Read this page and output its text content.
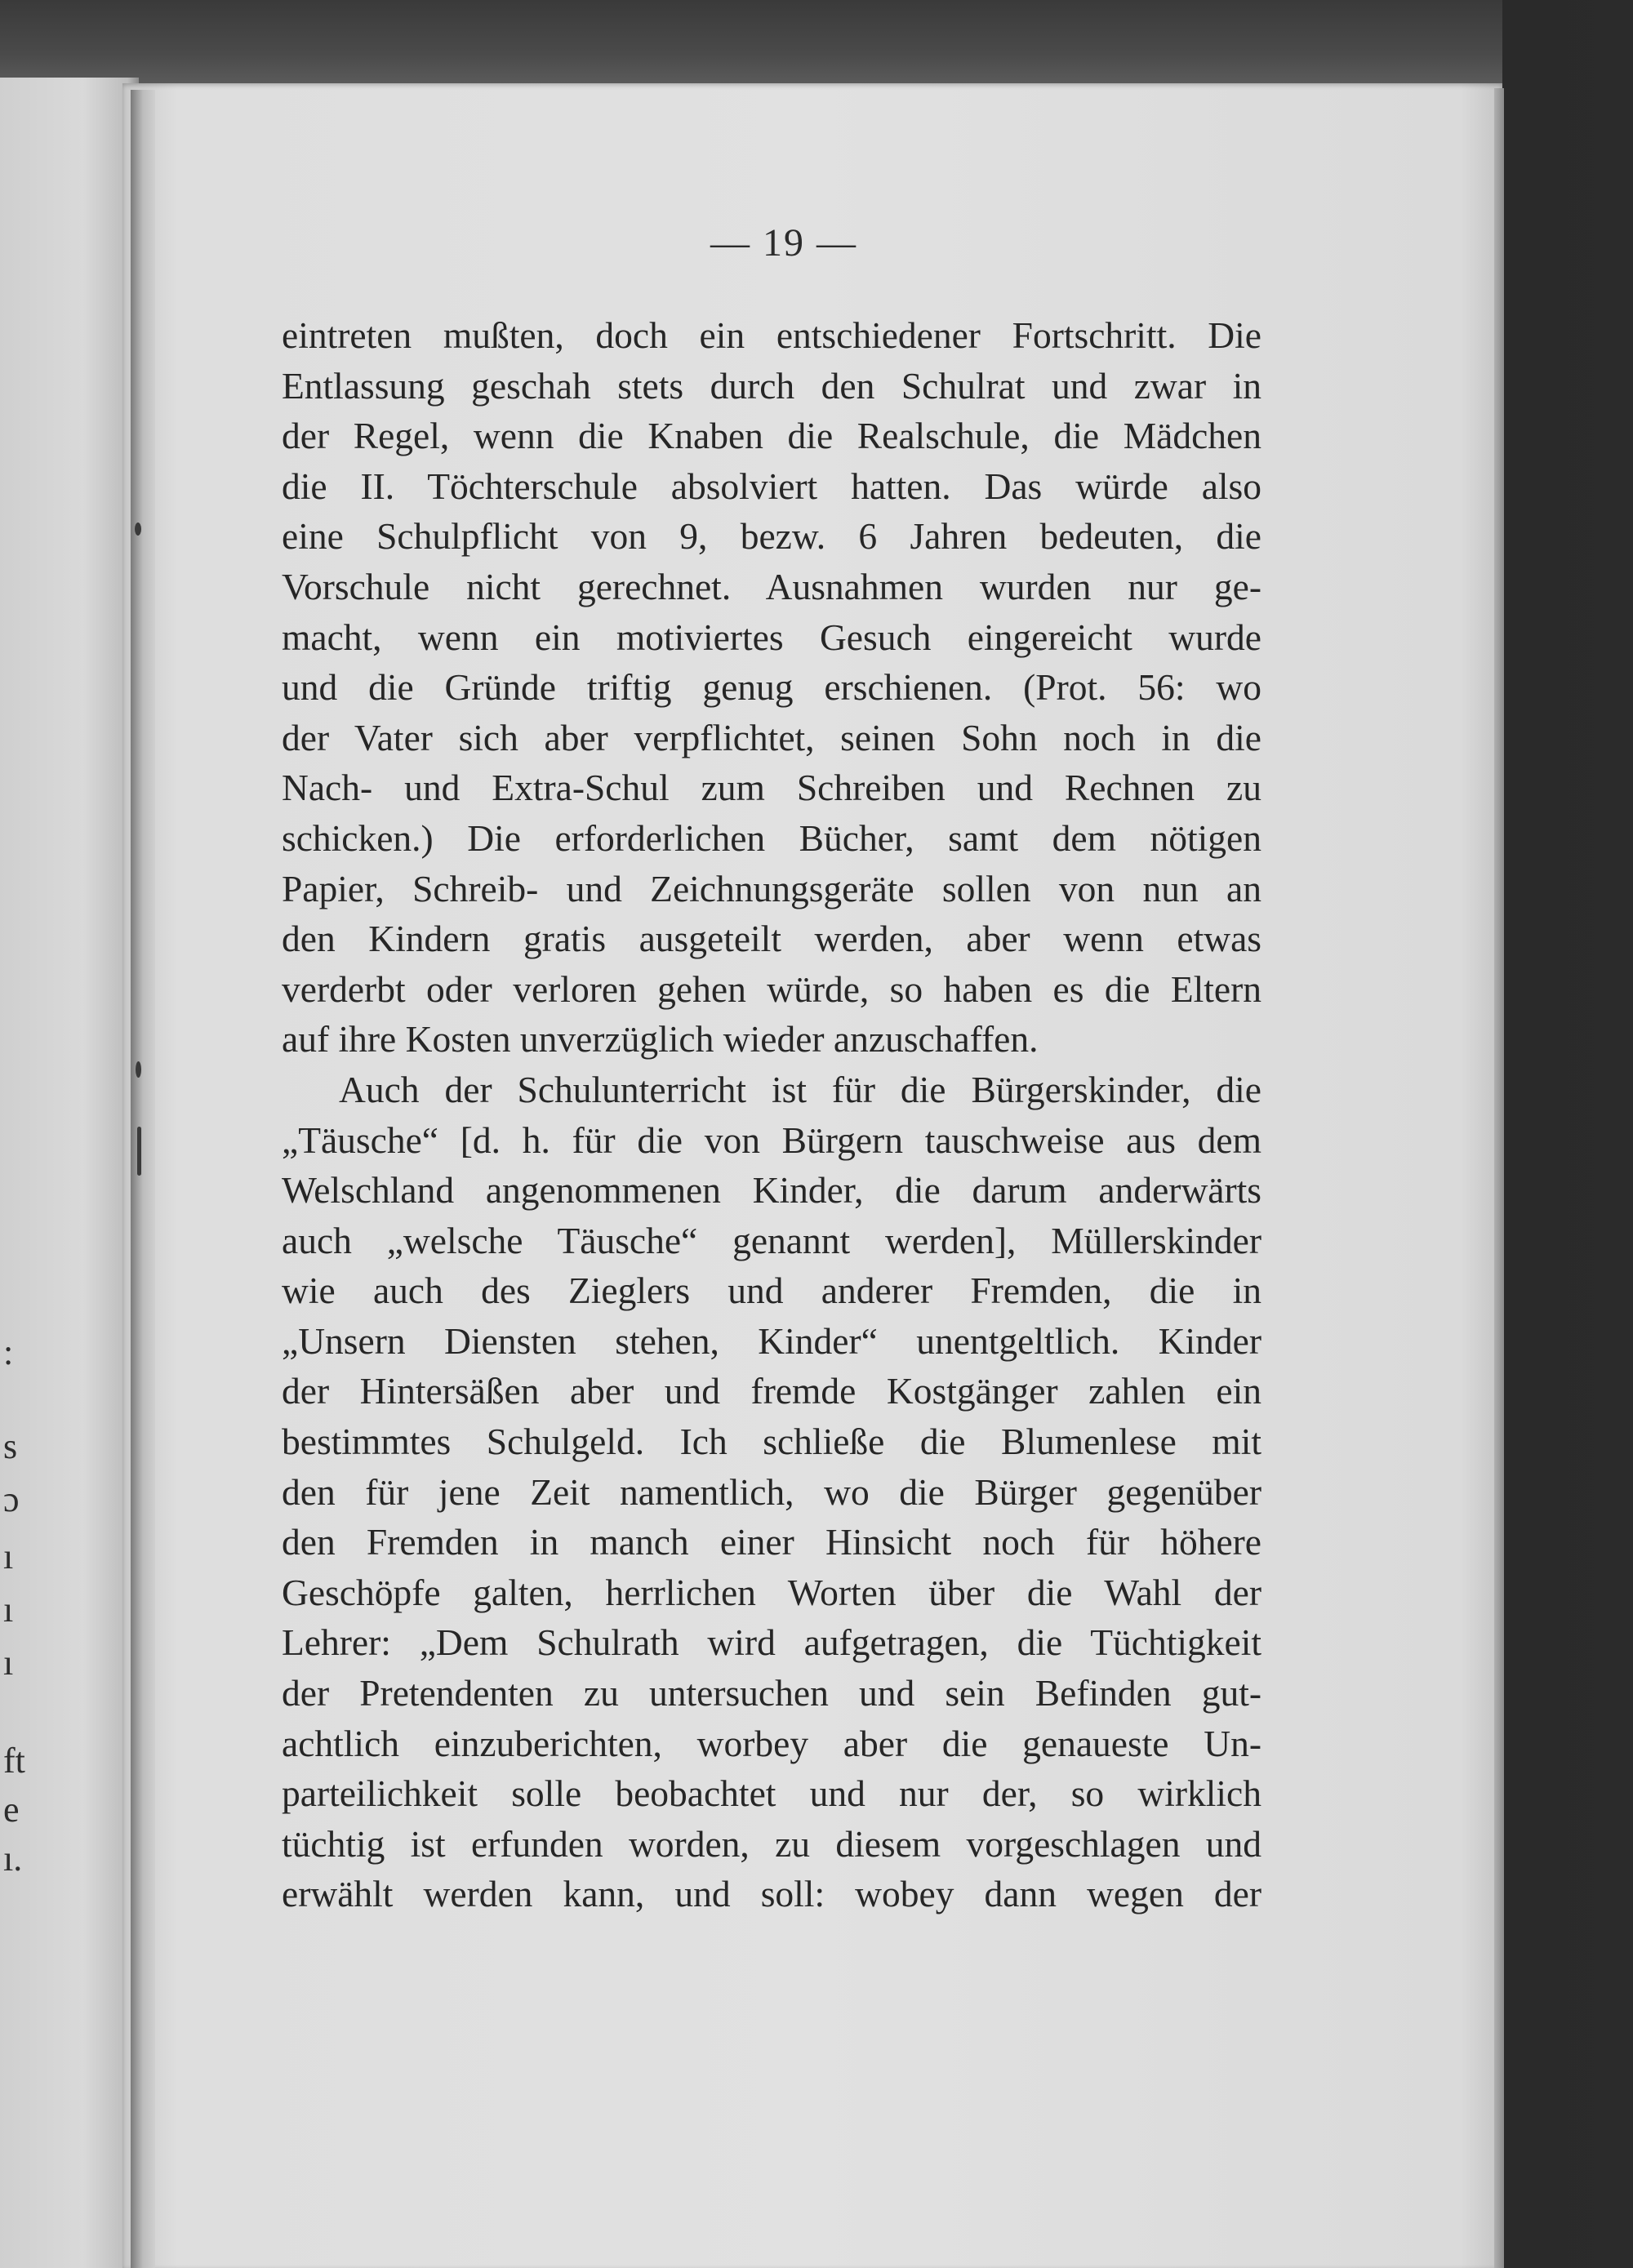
:
s
ɔ
ı
ı
ı
ft
e
ı.
— 19 —
eintreten mußten, doch ein entschiedener Fortschritt. Die
Entlassung geschah stets durch den Schulrat und zwar in
der Regel, wenn die Knaben die Realschule, die Mädchen
die II. Töchterschule absolviert hatten. Das würde also
eine Schulpflicht von 9, bezw. 6 Jahren bedeuten, die
Vorschule nicht gerechnet. Ausnahmen wurden nur ge-
macht, wenn ein motiviertes Gesuch eingereicht wurde
und die Gründe triftig genug erschienen. (Prot. 56: wo
der Vater sich aber verpflichtet, seinen Sohn noch in die
Nach- und Extra-Schul zum Schreiben und Rechnen zu
schicken.) Die erforderlichen Bücher, samt dem nötigen
Papier, Schreib- und Zeichnungsgeräte sollen von nun an
den Kindern gratis ausgeteilt werden, aber wenn etwas
verderbt oder verloren gehen würde, so haben es die Eltern
auf ihre Kosten unverzüglich wieder anzuschaffen.
Auch der Schulunterricht ist für die Bürgerskinder, die
„Täusche“ [d. h. für die von Bürgern tauschweise aus dem
Welschland angenommenen Kinder, die darum anderwärts
auch „welsche Täusche“ genannt werden], Müllerskinder
wie auch des Zieglers und anderer Fremden, die in
„Unsern Diensten stehen, Kinder“ unentgeltlich. Kinder
der Hintersäßen aber und fremde Kostgänger zahlen ein
bestimmtes Schulgeld. Ich schließe die Blumenlese mit
den für jene Zeit namentlich, wo die Bürger gegenüber
den Fremden in manch einer Hinsicht noch für höhere
Geschöpfe galten, herrlichen Worten über die Wahl der
Lehrer: „Dem Schulrath wird aufgetragen, die Tüchtigkeit
der Pretendenten zu untersuchen und sein Befinden gut-
achtlich einzuberichten, worbey aber die genaueste Un-
parteilichkeit solle beobachtet und nur der, so wirklich
tüchtig ist erfunden worden, zu diesem vorgeschlagen und
erwählt werden kann, und soll: wobey dann wegen der
